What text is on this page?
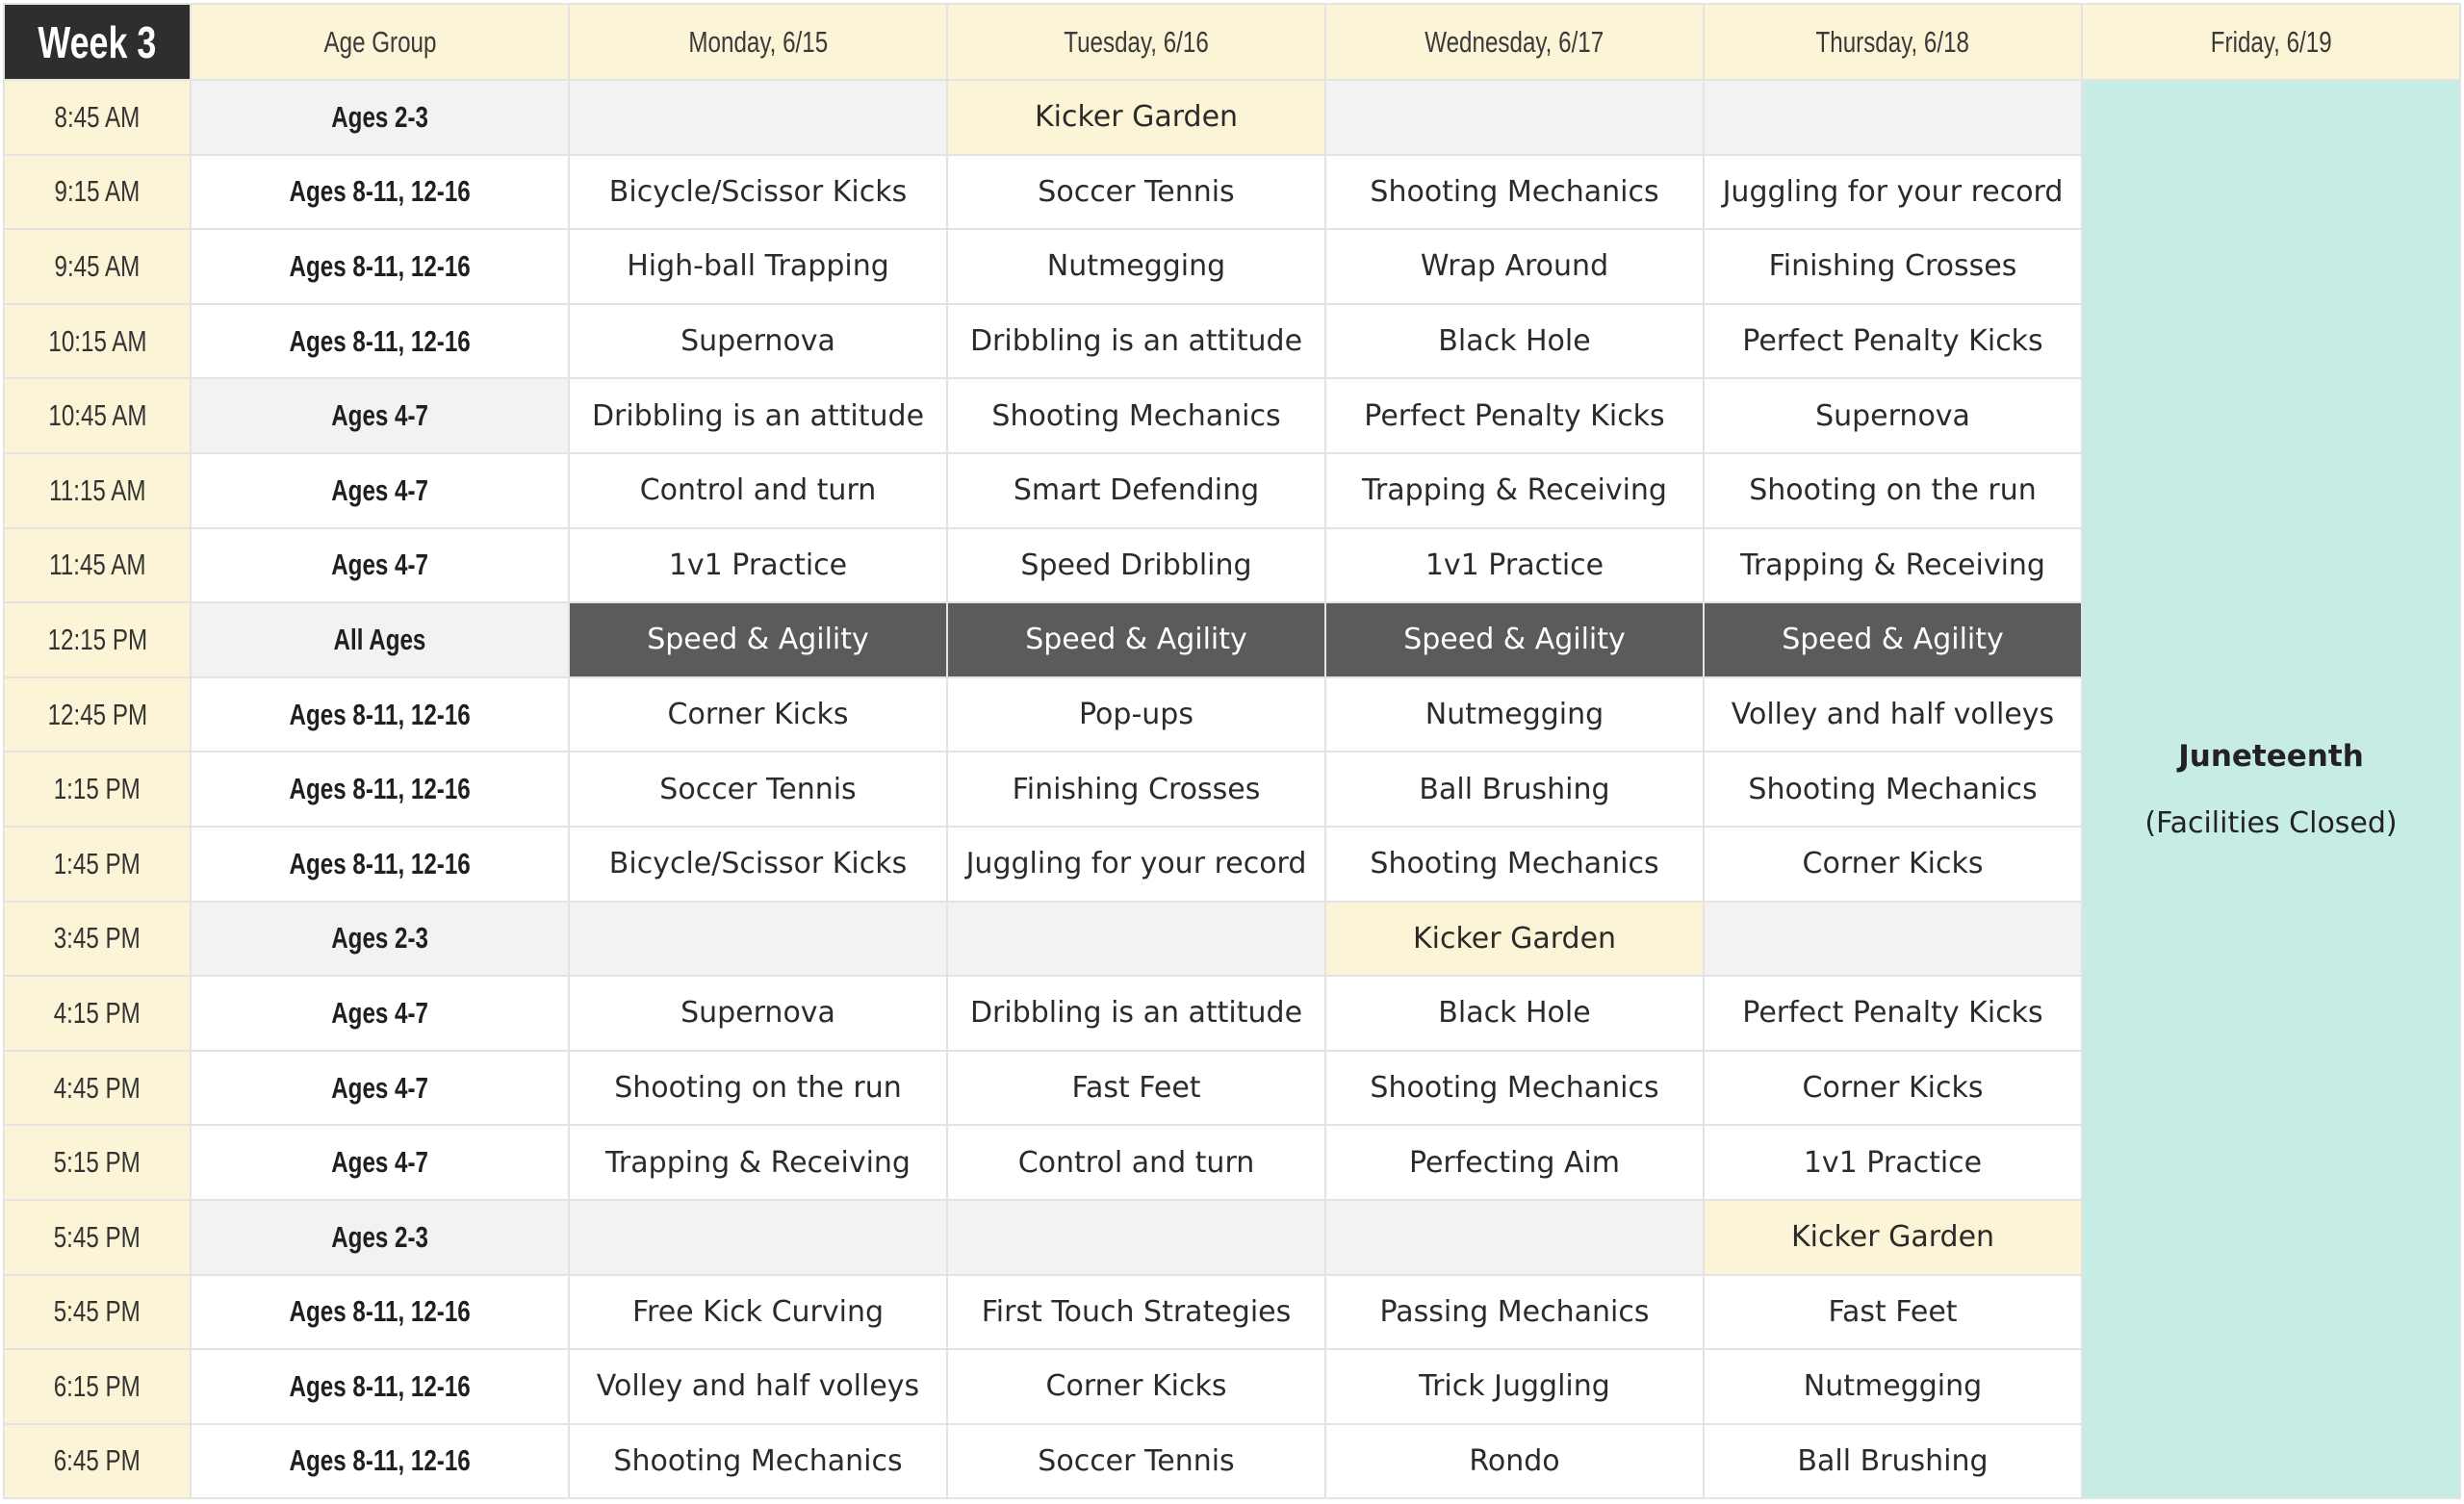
Week 3	Age Group	Monday, 6/15	Tuesday, 6/16	Wednesday, 6/17	Thursday, 6/18	Friday, 6/19
8:45 AM	Ages 2-3		Kicker Garden			Juneteenth
(Facilities Closed)

9:15 AM	Ages 8-11, 12-16	Bicycle/Scissor Kicks	Soccer Tennis	Shooting Mechanics	Juggling for your record	
9:45 AM	Ages 8-11, 12-16	High-ball Trapping	Nutmegging	Wrap Around	Finishing Crosses	
10:15 AM	Ages 8-11, 12-16	Supernova	Dribbling is an attitude	Black Hole	Perfect Penalty Kicks	
10:45 AM	Ages 4-7	Dribbling is an attitude	Shooting Mechanics	Perfect Penalty Kicks	Supernova	
11:15 AM	Ages 4-7	Control and turn	Smart Defending	Trapping & Receiving	Shooting on the run	
11:45 AM	Ages 4-7	1v1 Practice	Speed Dribbling	1v1 Practice	Trapping & Receiving	
12:15 PM	All Ages	Speed & Agility	Speed & Agility	Speed & Agility	Speed & Agility	
12:45 PM	Ages 8-11, 12-16	Corner Kicks	Pop-ups	Nutmegging	Volley and half volleys	
1:15 PM	Ages 8-11, 12-16	Soccer Tennis	Finishing Crosses	Ball Brushing	Shooting Mechanics	
1:45 PM	Ages 8-11, 12-16	Bicycle/Scissor Kicks	Juggling for your record	Shooting Mechanics	Corner Kicks	
3:45 PM	Ages 2-3			Kicker Garden		
4:15 PM	Ages 4-7	Supernova	Dribbling is an attitude	Black Hole	Perfect Penalty Kicks	
4:45 PM	Ages 4-7	Shooting on the run	Fast Feet	Shooting Mechanics	Corner Kicks	
5:15 PM	Ages 4-7	Trapping & Receiving	Control and turn	Perfecting Aim	1v1 Practice	
5:45 PM	Ages 2-3				Kicker Garden	
5:45 PM	Ages 8-11, 12-16	Free Kick Curving	First Touch Strategies	Passing Mechanics	Fast Feet	
6:15 PM	Ages 8-11, 12-16	Volley and half volleys	Corner Kicks	Trick Juggling	Nutmegging	
6:45 PM	Ages 8-11, 12-16	Shooting Mechanics	Soccer Tennis	Rondo	Ball Brushing	
